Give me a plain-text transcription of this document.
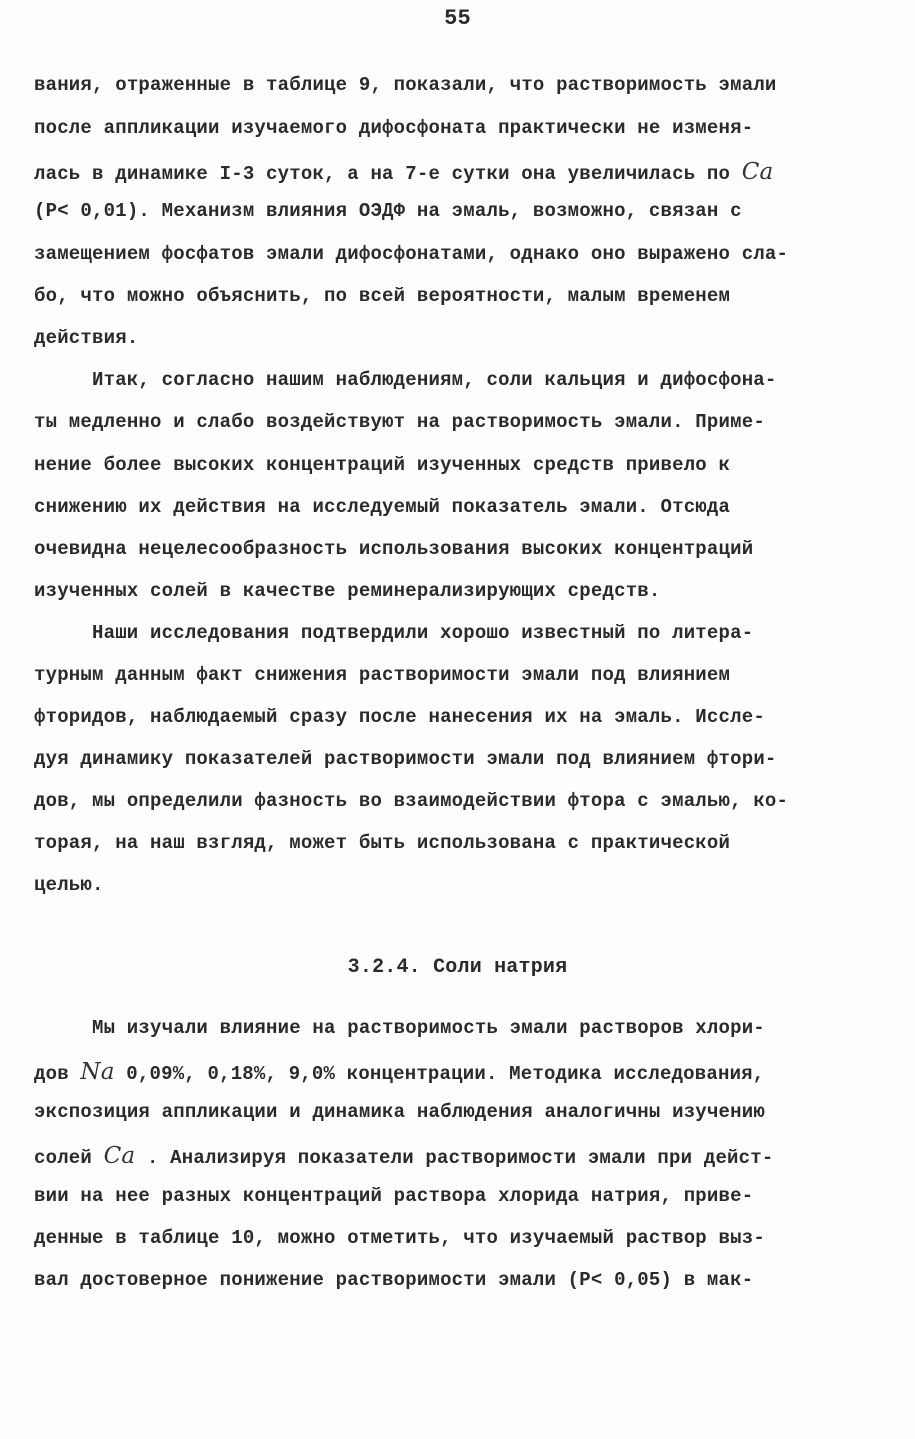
55
вания, отраженные в таблице 9, показали, что растворимость эмали
после аппликации изучаемого дифосфоната практически не изменя-
лась в динамике I-3 суток, а на 7-е сутки она увеличилась по Ca
(P< 0,01). Механизм влияния ОЭДФ на эмаль, возможно, связан с
замещением фосфатов эмали дифосфонатами, однако оно выражено сла-
бо, что можно объяснить, по всей вероятности, малым временем
действия.
Итак, согласно нашим наблюдениям, соли кальция и дифосфона-
ты медленно и слабо воздействуют на растворимость эмали. Приме-
нение более высоких концентраций изученных средств привело к
снижению их действия на исследуемый показатель эмали. Отсюда
очевидна нецелесообразность использования высоких концентраций
изученных солей в качестве реминерализирующих средств.
Наши исследования подтвердили хорошо известный по литера-
турным данным факт снижения растворимости эмали под влиянием
фторидов, наблюдаемый сразу после нанесения их на эмаль. Иссле-
дуя динамику показателей растворимости эмали под влиянием фтори-
дов, мы определили фазность во взаимодействии фтора с эмалью, ко-
торая, на наш взгляд, может быть использована с практической
целью.
3.2.4. Соли натрия
Мы изучали влияние на растворимость эмали растворов хлори-
дов Na 0,09%, 0,18%, 9,0% концентрации. Методика исследования,
экспозиция аппликации и динамика наблюдения аналогичны изучению
солей Ca . Анализируя показатели растворимости эмали при дейст-
вии на нее разных концентраций раствора хлорида натрия, приве-
денные в таблице 10, можно отметить, что изучаемый раствор выз-
вал достоверное понижение растворимости эмали (P< 0,05) в мак-
